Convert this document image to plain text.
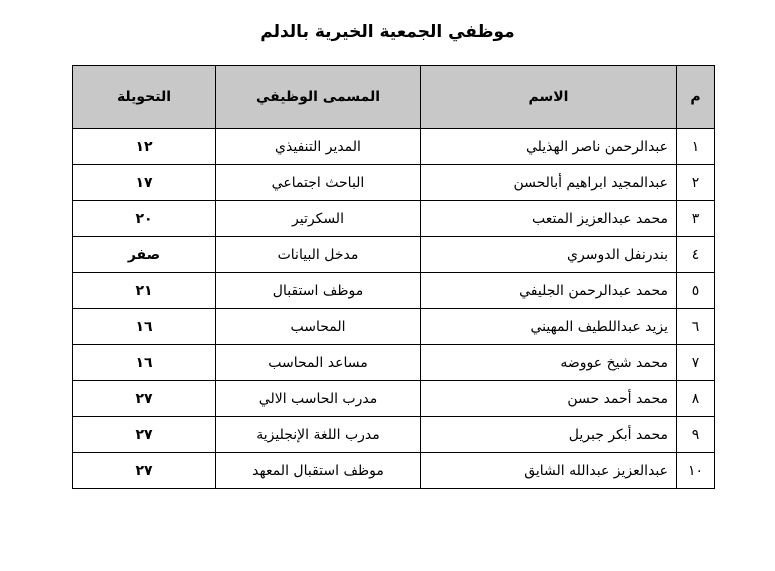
موظفي الجمعية الخيرية بالدلم
م	الاسم	المسمى الوظيفي	التحويلة
١	عبدالرحمن ناصر الهذيلي	المدير التنفيذي	١٢
٢	عبدالمجيد ابراهيم أبالحسن	الباحث اجتماعي	١٧
٣	محمد عبدالعزيز المتعب	السكرتير	٢٠
٤	بندرنفل الدوسري	مدخل البيانات	صفر
٥	محمد عبدالرحمن الجليفي	موظف استقبال	٢١
٦	يزيد عبداللطيف المهيني	المحاسب	١٦
٧	محمد شيخ عووضه	مساعد المحاسب	١٦
٨	محمد أحمد حسن	مدرب الحاسب الالي	٢٧
٩	محمد أبكر جبريل	مدرب اللغة الإنجليزية	٢٧
١٠	عبدالعزيز عبدالله الشايق	موظف استقبال المعهد	٢٧
